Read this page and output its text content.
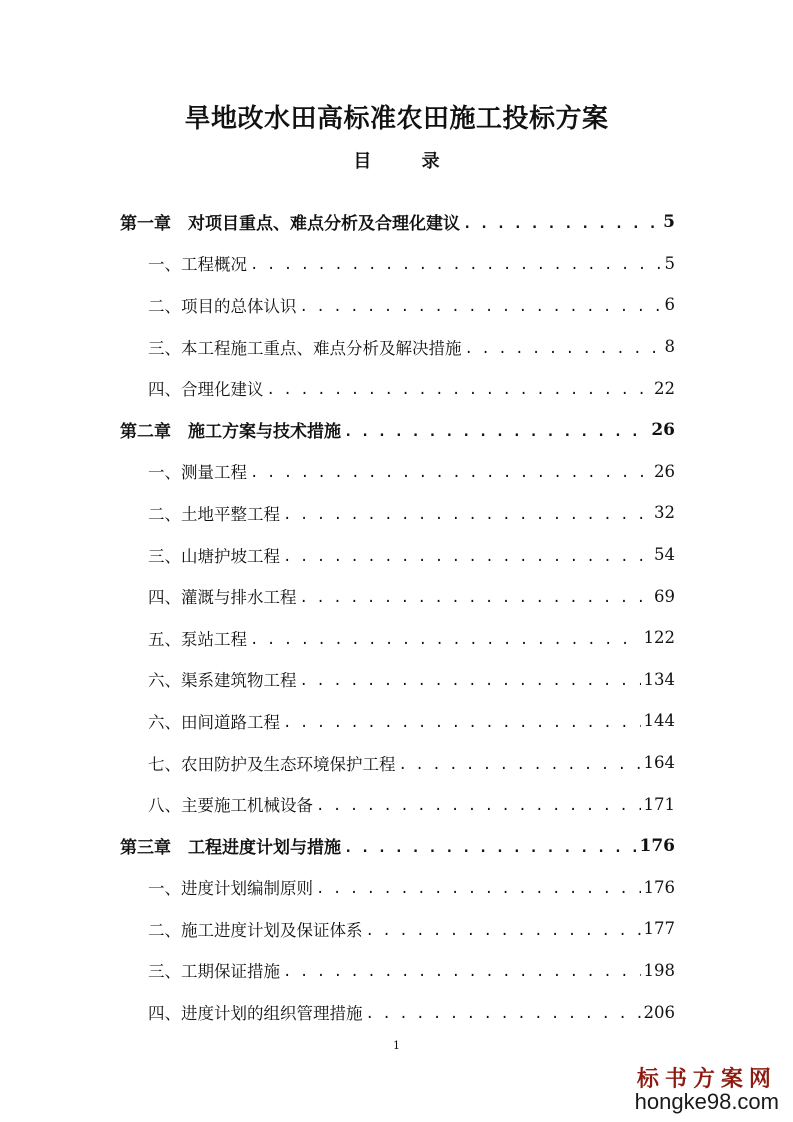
旱地改水田高标准农田施工投标方案
目 录
第一章 对项目重点、难点分析及合理化建议 . . .	5
一、工程概况 . . .	5
二、项目的总体认识 . . .	6
三、本工程施工重点、难点分析及解决措施 . . .	8
四、合理化建议 . . .	22
第二章 施工方案与技术措施 . . .	26
一、测量工程 . . .	26
二、土地平整工程 . . .	32
三、山塘护坡工程 . . .	54
四、灌溉与排水工程 . . .	69
五、泵站工程 . . .	122
六、渠系建筑物工程 . . .	134
六、田间道路工程 . . .	144
七、农田防护及生态环境保护工程 . . .	164
八、主要施工机械设备 . . .	171
第三章 工程进度计划与措施 . . .	176
一、进度计划编制原则 . . .	176
二、施工进度计划及保证体系 . . .	177
三、工期保证措施 . . .	198
四、进度计划的组织管理措施 . . .	206
1
标书方案网
hongke98.com
